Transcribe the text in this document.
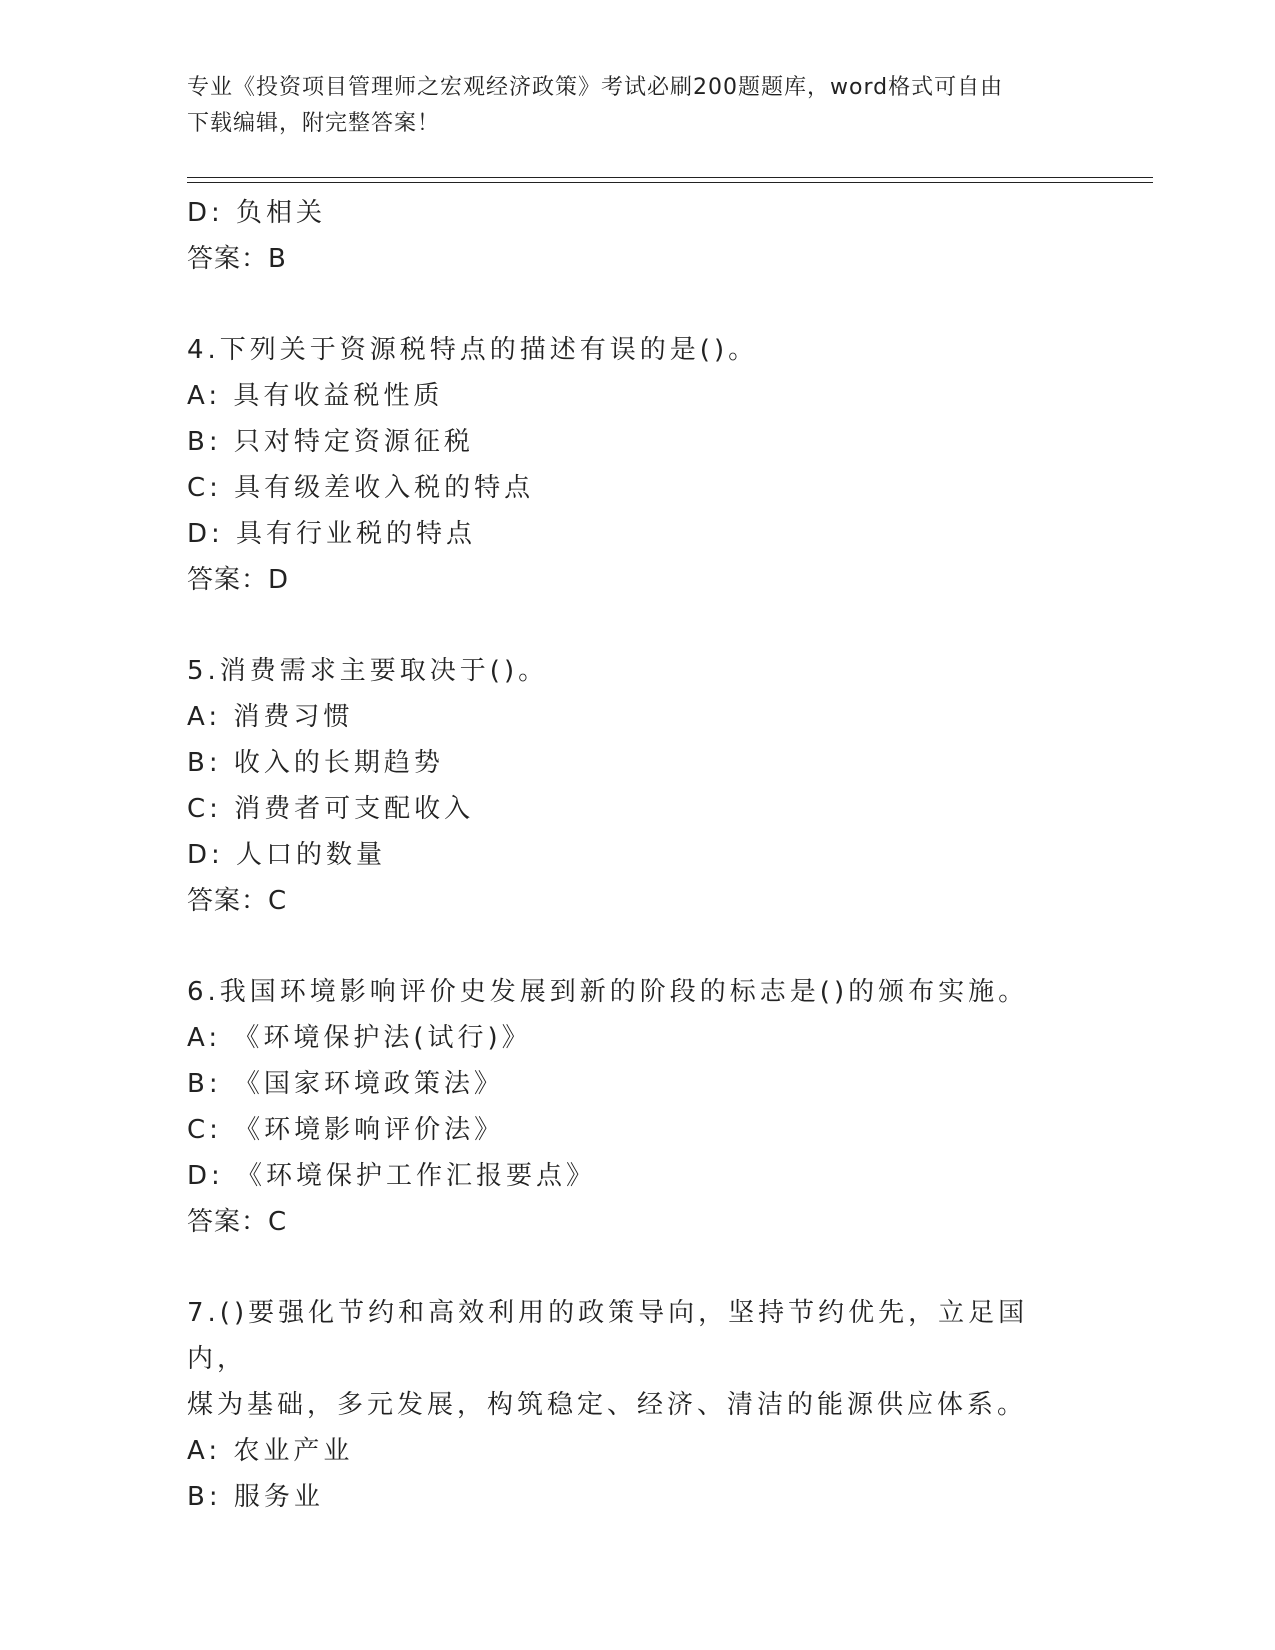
专业《投资项目管理师之宏观经济政策》考试必刷200题题库，word格式可自由
下载编辑，附完整答案！
D: 负相关
答案：B
4.下列关于资源税特点的描述有误的是()。
A: 具有收益税性质
B: 只对特定资源征税
C: 具有级差收入税的特点
D: 具有行业税的特点
答案：D
5.消费需求主要取决于()。
A: 消费习惯
B: 收入的长期趋势
C: 消费者可支配收入
D: 人口的数量
答案：C
6.我国环境影响评价史发展到新的阶段的标志是()的颁布实施。
A: 《环境保护法(试行)》
B: 《国家环境政策法》
C: 《环境影响评价法》
D: 《环境保护工作汇报要点》
答案：C
7.()要强化节约和高效利用的政策导向，坚持节约优先，立足国内，
煤为基础，多元发展，构筑稳定、经济、清洁的能源供应体系。
A: 农业产业
B: 服务业
